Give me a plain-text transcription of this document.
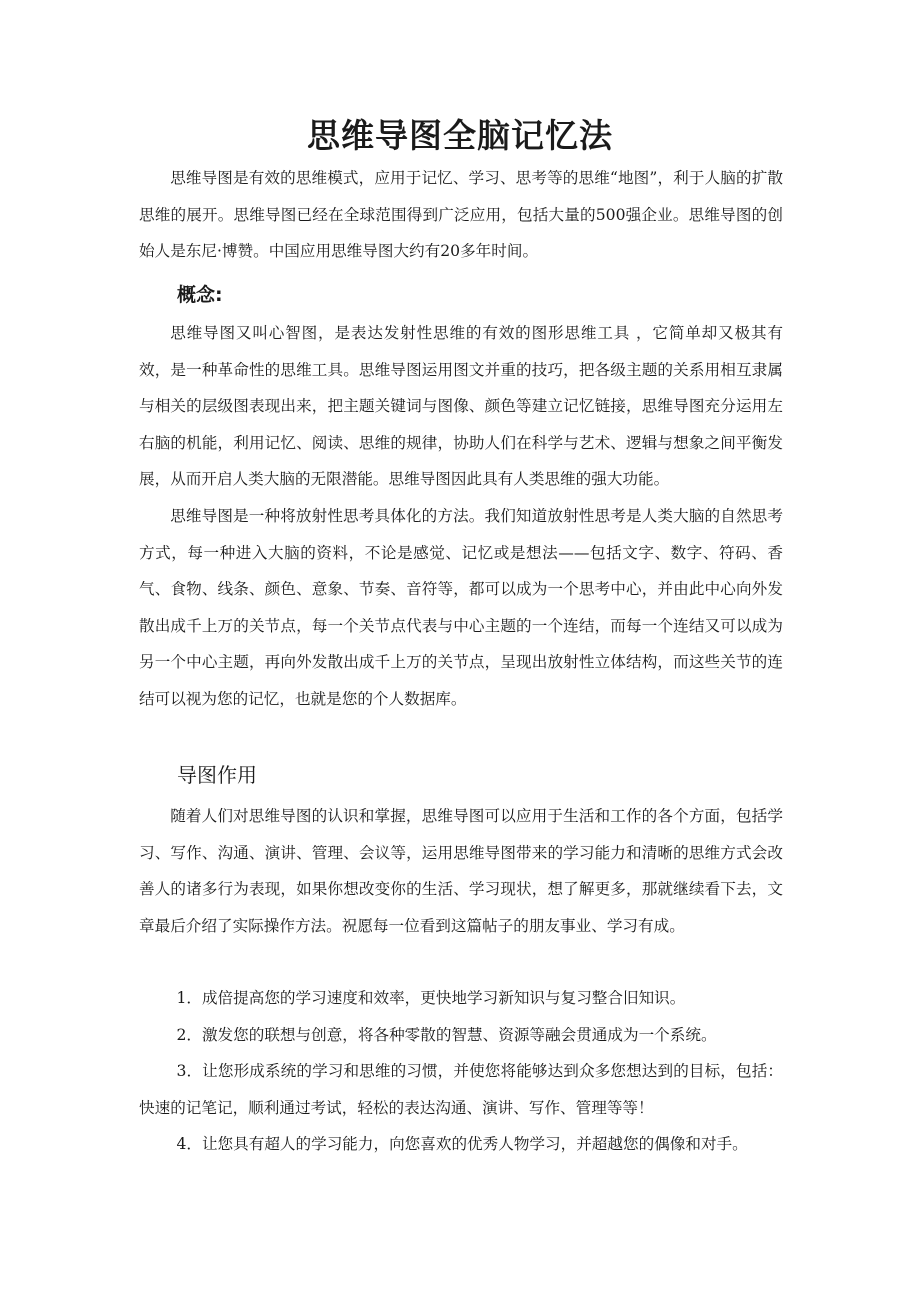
思维导图全脑记忆法

思维导图是有效的思维模式，应用于记忆、学习、思考等的思维“地图”，利于人脑的扩散思维的展开。思维导图已经在全球范围得到广泛应用，包括大量的500强企业。思维导图的创始人是东尼·博赞。中国应用思维导图大约有20多年时间。

概念:

思维导图又叫心智图，是表达发射性思维的有效的图形思维工具 ，它简单却又极其有效，是一种革命性的思维工具。思维导图运用图文并重的技巧，把各级主题的关系用相互隶属与相关的层级图表现出来，把主题关键词与图像、颜色等建立记忆链接，思维导图充分运用左右脑的机能，利用记忆、阅读、思维的规律，协助人们在科学与艺术、逻辑与想象之间平衡发展，从而开启人类大脑的无限潜能。思维导图因此具有人类思维的强大功能。

思维导图是一种将放射性思考具体化的方法。我们知道放射性思考是人类大脑的自然思考方式，每一种进入大脑的资料，不论是感觉、记忆或是想法——包括文字、数字、符码、香气、食物、线条、颜色、意象、节奏、音符等，都可以成为一个思考中心，并由此中心向外发散出成千上万的关节点，每一个关节点代表与中心主题的一个连结，而每一个连结又可以成为另一个中心主题，再向外发散出成千上万的关节点，呈现出放射性立体结构，而这些关节的连结可以视为您的记忆，也就是您的个人数据库。

导图作用

随着人们对思维导图的认识和掌握，思维导图可以应用于生活和工作的各个方面，包括学习、写作、沟通、演讲、管理、会议等，运用思维导图带来的学习能力和清晰的思维方式会改善人的诸多行为表现，如果你想改变你的生活、学习现状，想了解更多，那就继续看下去，文章最后介绍了实际操作方法。祝愿每一位看到这篇帖子的朋友事业、学习有成。

1．成倍提高您的学习速度和效率，更快地学习新知识与复习整合旧知识。

2．激发您的联想与创意，将各种零散的智慧、资源等融会贯通成为一个系统。

3．让您形成系统的学习和思维的习惯，并使您将能够达到众多您想达到的目标，包括：快速的记笔记，顺利通过考试，轻松的表达沟通、演讲、写作、管理等等！

4．让您具有超人的学习能力，向您喜欢的优秀人物学习，并超越您的偶像和对手。
